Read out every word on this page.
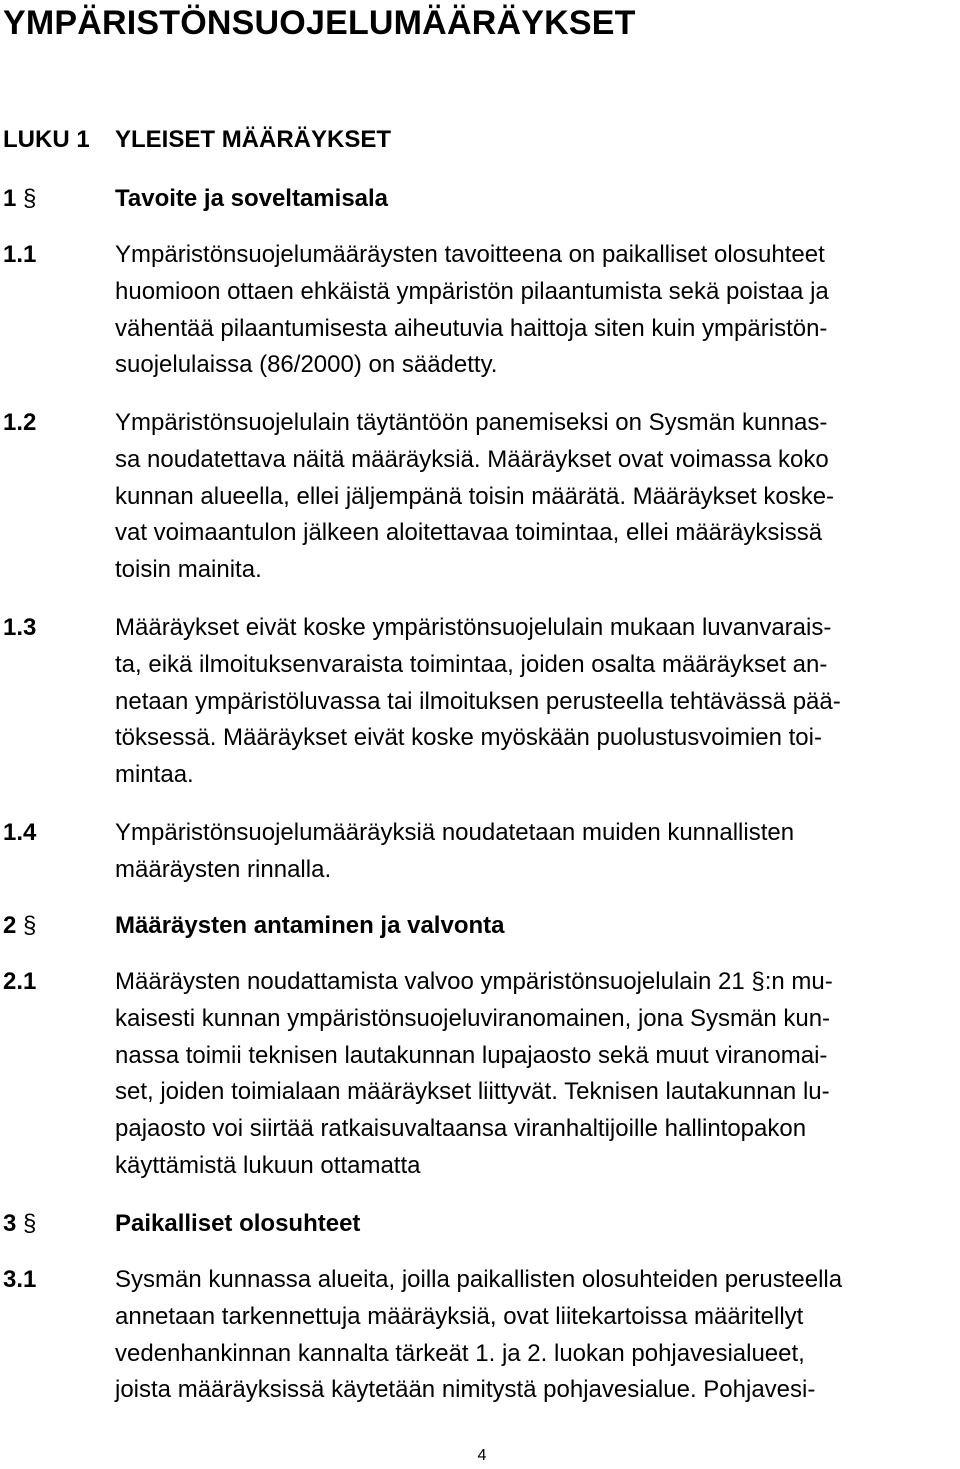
YMPÄRISTÖNSUOJELUMÄÄRÄYKSET
LUKU 1 YLEISET MÄÄRÄYKSET
1 §	Tavoite ja soveltamisala
1.1	Ympäristönsuojelumääräysten tavoitteena on paikalliset olosuhteet
huomioon ottaen ehkäistä ympäristön pilaantumista sekä poistaa ja
vähentää pilaantumisesta aiheutuvia haittoja siten kuin ympäristön-
suojelulaissa (86/2000) on säädetty.
1.2	Ympäristönsuojelulain täytäntöön panemiseksi on Sysmän kunnas-
sa noudatettava näitä määräyksiä. Määräykset ovat voimassa koko
kunnan alueella, ellei jäljempänä toisin määrätä. Määräykset koske-
vat voimaantulon jälkeen aloitettavaa toimintaa, ellei määräyksissä
toisin mainita.
1.3	Määräykset eivät koske ympäristönsuojelulain mukaan luvanvarais-
ta, eikä ilmoituksenvaraista toimintaa, joiden osalta määräykset an-
netaan ympäristöluvassa tai ilmoituksen perusteella tehtävässä pää-
töksessä. Määräykset eivät koske myöskään puolustusvoimien toi-
mintaa.
1.4	Ympäristönsuojelumääräyksiä noudatetaan muiden kunnallisten
määräysten rinnalla.
2 §	Määräysten antaminen ja valvonta
2.1	Määräysten noudattamista valvoo ympäristönsuojelulain 21 §:n mu-
kaisesti kunnan ympäristönsuojeluviranomainen, jona Sysmän kun-
nassa toimii teknisen lautakunnan lupajaosto sekä muut viranomai-
set, joiden toimialaan määräykset liittyvät. Teknisen lautakunnan lu-
pajaosto voi siirtää ratkaisuvaltaansa viranhaltijoille hallintopakon
käyttämistä lukuun ottamatta
3 §	Paikalliset olosuhteet
3.1	Sysmän kunnassa alueita, joilla paikallisten olosuhteiden perusteella
annetaan tarkennettuja määräyksiä, ovat liitekartoissa määritellyt
vedenhankinnan kannalta tärkeät 1. ja 2. luokan pohjavesialueet,
joista määräyksissä käytetään nimitystä pohjavesialue. Pohjavesi-
4
